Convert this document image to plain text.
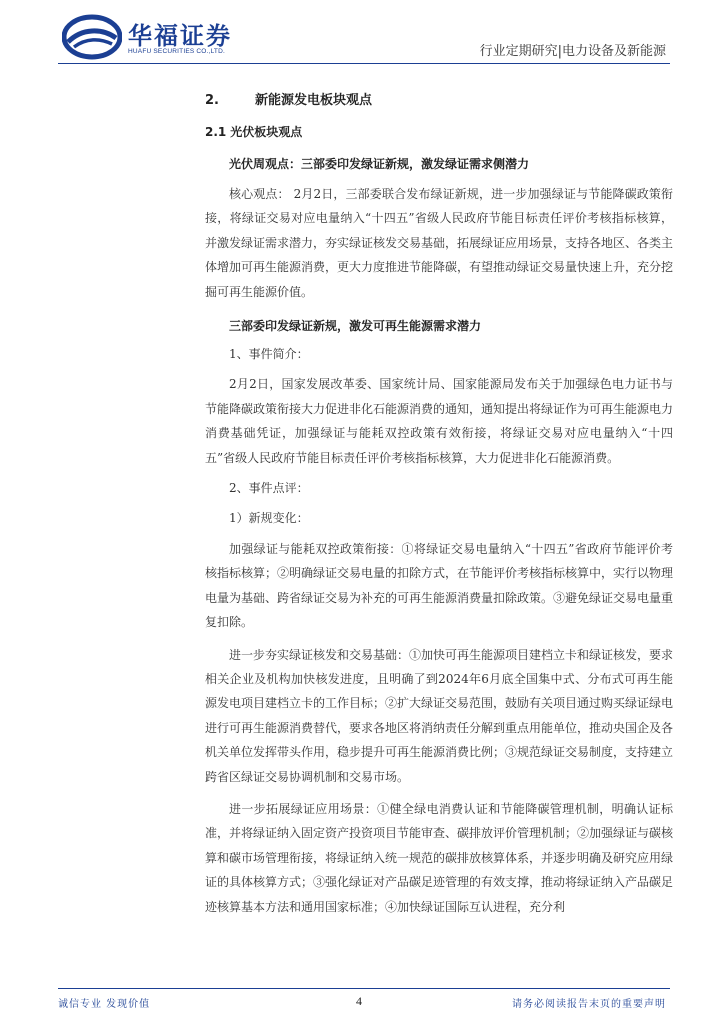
华福证券
HUAFU SECURITIES CO.,LTD.	行业定期研究|电力设备及新能源
2.	新能源发电板块观点
2.1 光伏板块观点
光伏周观点：三部委印发绿证新规，激发绿证需求侧潜力
核心观点： 2月2日，三部委联合发布绿证新规，进一步加强绿证与节能降碳政策衔接，将绿证交易对应电量纳入“十四五”省级人民政府节能目标责任评价考核指标核算，并激发绿证需求潜力，夯实绿证核发交易基础，拓展绿证应用场景，支持各地区、各类主体增加可再生能源消费，更大力度推进节能降碳，有望推动绿证交易量快速上升，充分挖掘可再生能源价值。
三部委印发绿证新规，激发可再生能源需求潜力
1、事件简介：
2月2日，国家发展改革委、国家统计局、国家能源局发布关于加强绿色电力证书与节能降碳政策衔接大力促进非化石能源消费的通知，通知提出将绿证作为可再生能源电力消费基础凭证，加强绿证与能耗双控政策有效衔接，将绿证交易对应电量纳入“十四五”省级人民政府节能目标责任评价考核指标核算，大力促进非化石能源消费。
2、事件点评：
1）新规变化：
加强绿证与能耗双控政策衔接：①将绿证交易电量纳入“十四五”省政府节能评价考核指标核算；②明确绿证交易电量的扣除方式，在节能评价考核指标核算中，实行以物理电量为基础、跨省绿证交易为补充的可再生能源消费量扣除政策。③避免绿证交易电量重复扣除。
进一步夯实绿证核发和交易基础：①加快可再生能源项目建档立卡和绿证核发，要求相关企业及机构加快核发进度，且明确了到2024年6月底全国集中式、分布式可再生能源发电项目建档立卡的工作目标；②扩大绿证交易范围，鼓励有关项目通过购买绿证绿电进行可再生能源消费替代，要求各地区将消纳责任分解到重点用能单位，推动央国企及各机关单位发挥带头作用，稳步提升可再生能源消费比例；③规范绿证交易制度，支持建立跨省区绿证交易协调机制和交易市场。
进一步拓展绿证应用场景：①健全绿电消费认证和节能降碳管理机制，明确认证标准，并将绿证纳入固定资产投资项目节能审查、碳排放评价管理机制；②加强绿证与碳核算和碳市场管理衔接，将绿证纳入统一规范的碳排放核算体系，并逐步明确及研究应用绿证的具体核算方式；③强化绿证对产品碳足迹管理的有效支撑，推动将绿证纳入产品碳足迹核算基本方法和通用国家标准；④加快绿证国际互认进程，充分利
诚信专业 发现价值	4	请务必阅读报告末页的重要声明
